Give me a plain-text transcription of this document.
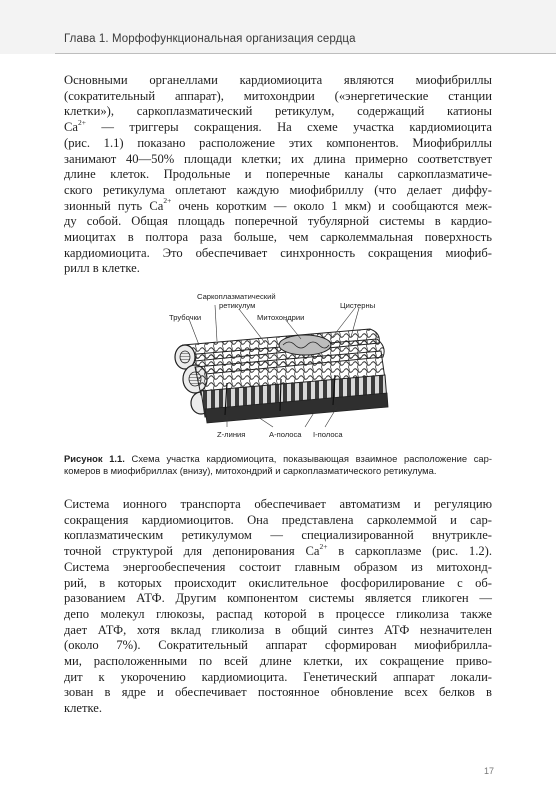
Глава 1. Морфофункциональная организация сердца
Основными органеллами кардиомиоцита являются миофибриллы
(сократительный аппарат), митохондрии («энергетические станции
клетки»), саркоплазматический ретикулум, содержащий катионы
$Ca^{2+}$ — триггеры сокращения. На схеме участка кардиомиоцита
(рис. 1.1) показано расположение этих компонентов. Миофибриллы
занимают 40—50% площади клетки; их длина примерно соответствует
длине клеток. Продольные и поперечные каналы саркоплазматиче-
ского ретикулума оплетают каждую миофибриллу (что делает диффу-
зионный путь $Ca^{2+}$ очень коротким — около 1 мкм) и сообщаются меж-
ду собой. Общая площадь поперечной тубулярной системы в кардио-
миоцитах в полтора раза больше, чем сарколеммальная поверхность
кардиомиоцита. Это обеспечивает синхронность сокращения миофиб-
рилл в клетке.
Саркоплазматический
ретикулум
Трубочки	Митохондрии
Цистерны
Z-линия	A-полоса I-полоса
Рисунок 1.1. Схема участка кардиомиоцита, показывающая взаимное расположение сар-
комеров в миофибриллах (внизу), митохондрий и саркоплазматического ретикулума.
Система ионного транспорта обеспечивает автоматизм и регуляцию
сокращения кардиомиоцитов. Она представлена сарколеммой и сар-
коплазматическим ретикулумом — специализированной внутрикле-
точной структурой для депонирования $Ca^{2+}$ в саркоплазме (рис. 1.2).
Система энергообеспечения состоит главным образом из митохонд-
рий, в которых происходит окислительное фосфорилирование с об-
разованием АТФ. Другим компонентом системы является гликоген —
депо молекул глюкозы, распад которой в процессе гликолиза также
дает АТФ, хотя вклад гликолиза в общий синтез АТФ незначителен
(около 7%). Сократительный аппарат сформирован миофибрилла-
ми, расположенными по всей длине клетки, их сокращение приво-
дит к укорочению кардиомиоцита. Генетический аппарат локали-
зован в ядре и обеспечивает постоянное обновление всех белков в
клетке.
17
